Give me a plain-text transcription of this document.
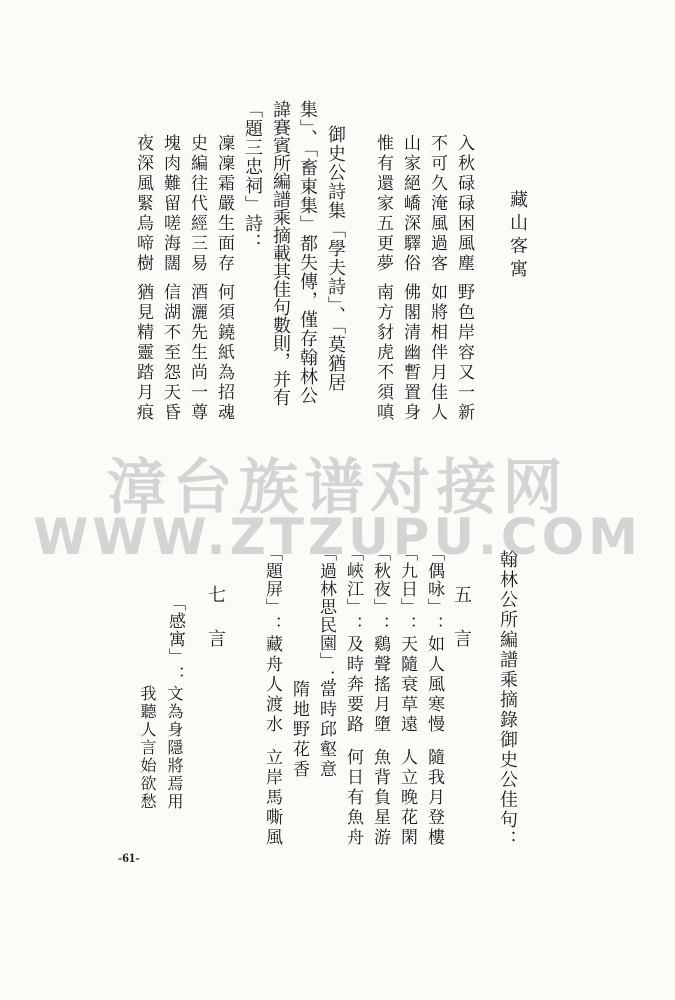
藏山客寓
入秋碌碌困風塵
野色岸容又一新
不可久淹風過客
如將相伴月佳人
山家絕嶠深驛俗
佛閣清幽暫置身
惟有還家五更夢
南方豺虎不須嗔
御史公詩集「學夫詩」、「莫猶居
集」、「畜東集」都失傳，僅存翰林公
諱賽賓所編譜乘摘載其佳句數則，并有
「題三忠祠」詩：
凜凜霜嚴生面存
何須鐃紙為招魂
史編往代經三易
酒灑先生尚一尊
塊肉難留嗟海闊
信湖不至怨天昏
夜深風緊烏啼樹
猶見精靈踏月痕
翰林公所編譜乘摘錄御史公佳句：
五言
「偶咏」：
如人風寒慢
隨我月登樓
「九日」：
天隨衰草遠
人立晚花閑
「秋夜」：
鷄聲搖月墮
魚背負星游
「峽江」：
及時奔要路
何日有魚舟
「過林思民園」：
當時邱壑意
隋地野花香
「題屏」：
藏舟人渡水
立岸馬嘶風
七言
「感寓」：
文為身隱將焉用
我聽人言始欲愁
-61-
漳台族谱对接网
WWW.ZTZUPU.COM
